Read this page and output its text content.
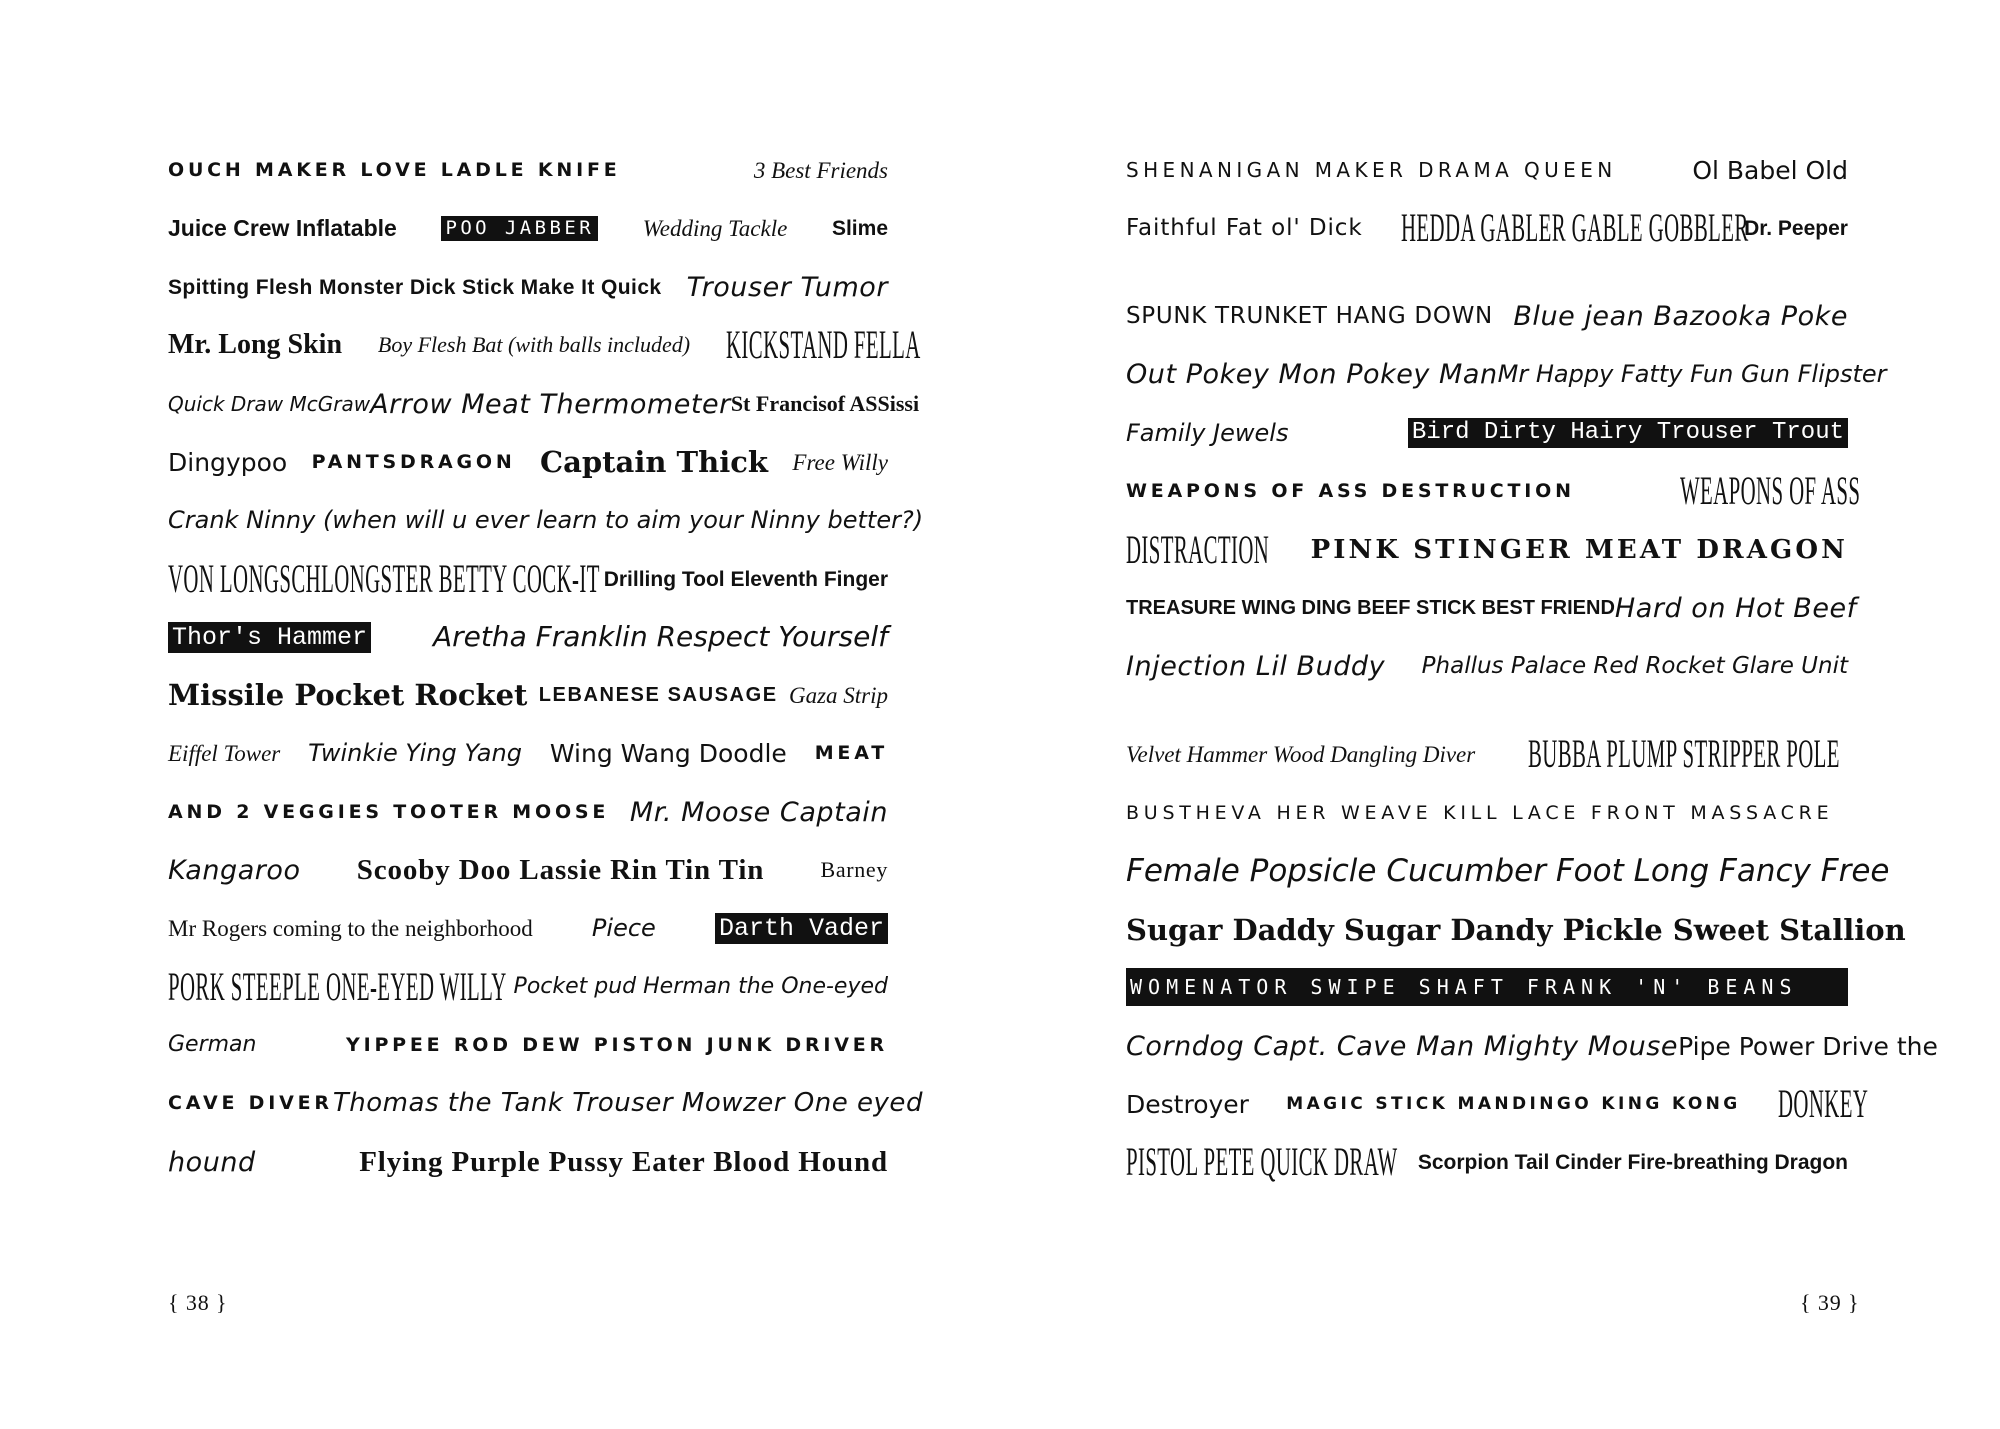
OUCH MAKER LOVE LADLE KNIFE	3 Best Friends
Juice Crew Inflatable	POO JABBER Wedding Tackle Slime
Spitting Flesh Monster Dick Stick Make It Quick Trouser Tumor
Mr. Long Skin Boy Flesh Bat (with balls included) KICKSTAND FELLA
Quick Draw McGraw Arrow Meat Thermometer St Francisof ASSissi
Dingypoo PANTSDRAGON Captain Thick Free Willy
Crank Ninny (when will u ever learn to aim your Ninny better?)
VON LONGSCHLONGSTER BETTY COCK-IT Drilling Tool Eleventh Finger
Thor's Hammer Aretha Franklin Respect Yourself
Missile Pocket Rocket LEBANESE SAUSAGE Gaza Strip
Eiffel Tower Twinkie Ying Yang Wing Wang Doodle MEAT
AND 2 VEGGIES TOOTER MOOSE Mr. Moose Captain
Kangaroo Scooby Doo Lassie Rin Tin Tin	Barney
Mr Rogers coming to the neighborhood Piece	Darth Vader
PORK STEEPLE ONE-EYED WILLY Pocket pud Herman the One-eyed
German	YIPPEE ROD DEW PISTON JUNK DRIVER
CAVE DIVER Thomas the Tank Trouser Mowzer One eyed
hound	Flying Purple Pussy Eater Blood Hound
SHENANIGAN MAKER DRAMA QUEEN	Ol Babel Old
Faithful Fat ol' Dick HEDDA GABLER GABLE GOBBLER
Dr. Peeper
SPUNK TRUNKET HANG DOWN Blue jean Bazooka Poke
Out Pokey Mon Pokey Man Mr Happy Fatty Fun Gun Flipster
Family Jewels	Bird Dirty Hairy Trouser Trout
WEAPONS OF ASS DESTRUCTION	WEAPONS OF ASS
DISTRACTION PINK STINGER MEAT DRAGON
TREASURE WING DING BEEF STICK BEST FRIEND Hard on Hot Beef
Injection Lil Buddy Phallus Palace Red Rocket Glare Unit
Velvet Hammer Wood Dangling Diver BUBBA PLUMP STRIPPER POLE
BUSTHEVA HER WEAVE KILL LACE FRONT MASSACRE
Female Popsicle Cucumber Foot Long Fancy Free
Sugar Daddy Sugar Dandy Pickle Sweet Stallion
WOMENATOR SWIPE SHAFT FRANK 'N' BEANS
Corndog Capt. Cave Man Mighty Mouse Pipe Power Drive the
Destroyer MAGIC STICK MANDINGO KING KONG DONKEY
PISTOL PETE QUICK DRAW Scorpion Tail Cinder Fire-breathing Dragon
{ 38 }	{ 39 }
